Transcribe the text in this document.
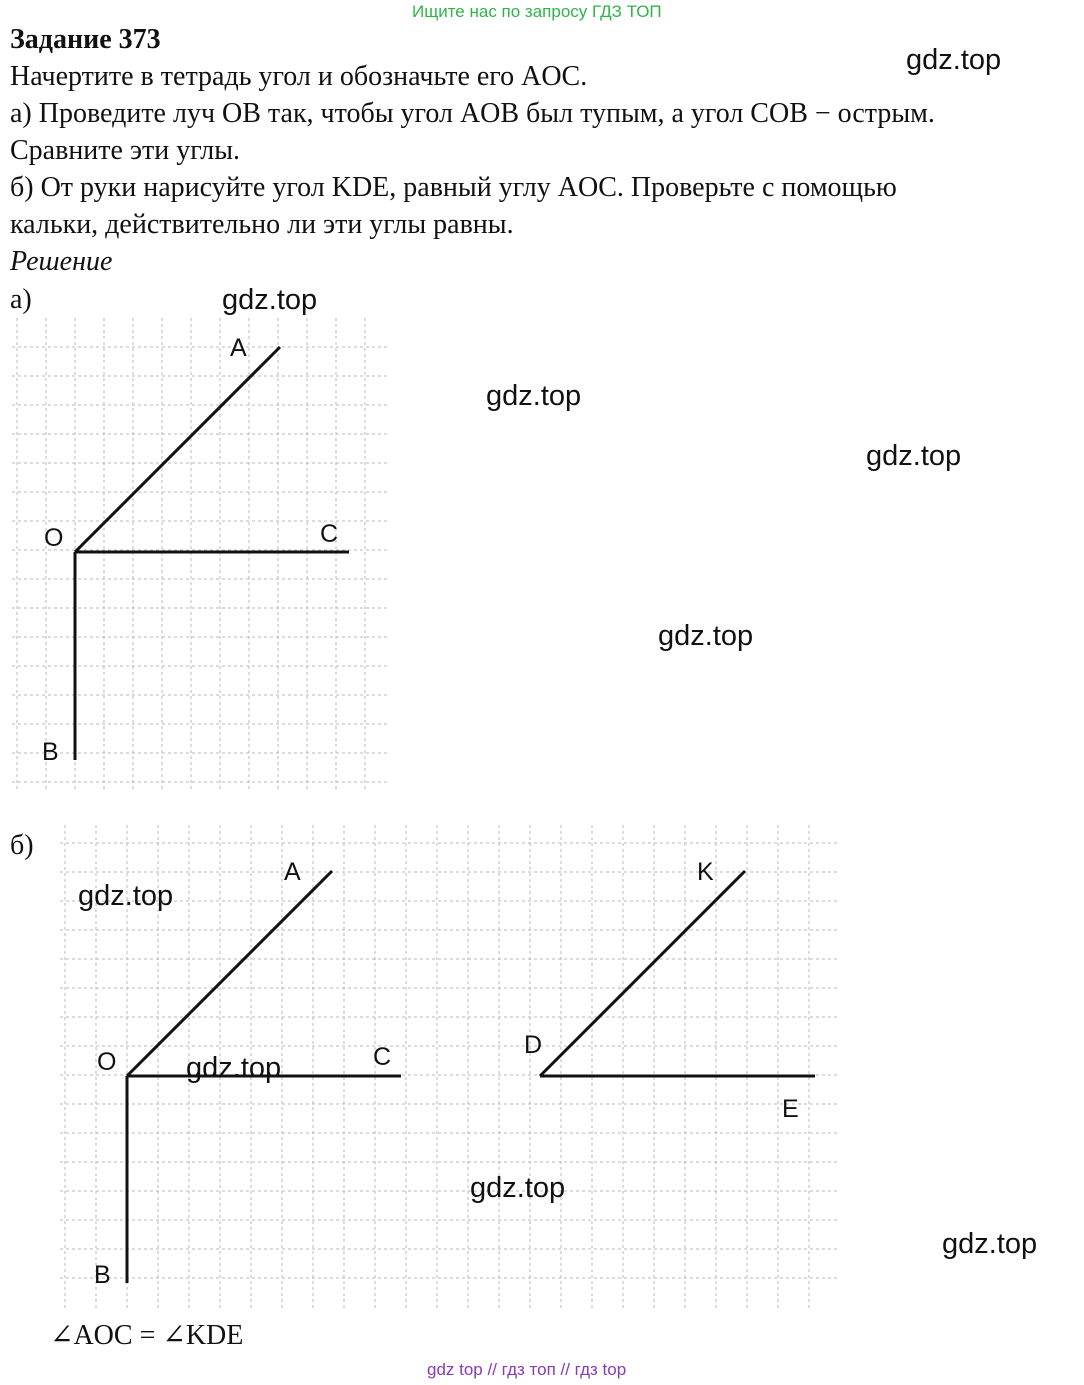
Ищите нас по запросу ГДЗ ТОП
Задание 373
Начертите в тетрадь угол и обозначьте его AOC.
а) Проведите луч OB так, чтобы угол AOB был тупым, а угол COB − острым.
Сравните эти углы.
б) От руки нарисуйте угол KDE, равный углу AOC. Проверьте с помощью
кальки, действительно ли эти углы равны.
Решение
а)
A
O	C
B
б)
A
O	C
B
K
D
E
∠AOC = ∠KDE
gdz.top
gdz.top
gdz.top
gdz.top
gdz.top
gdz.top
gdz.top
gdz.top
gdz.top
gdz top // гдз топ // гдз top
